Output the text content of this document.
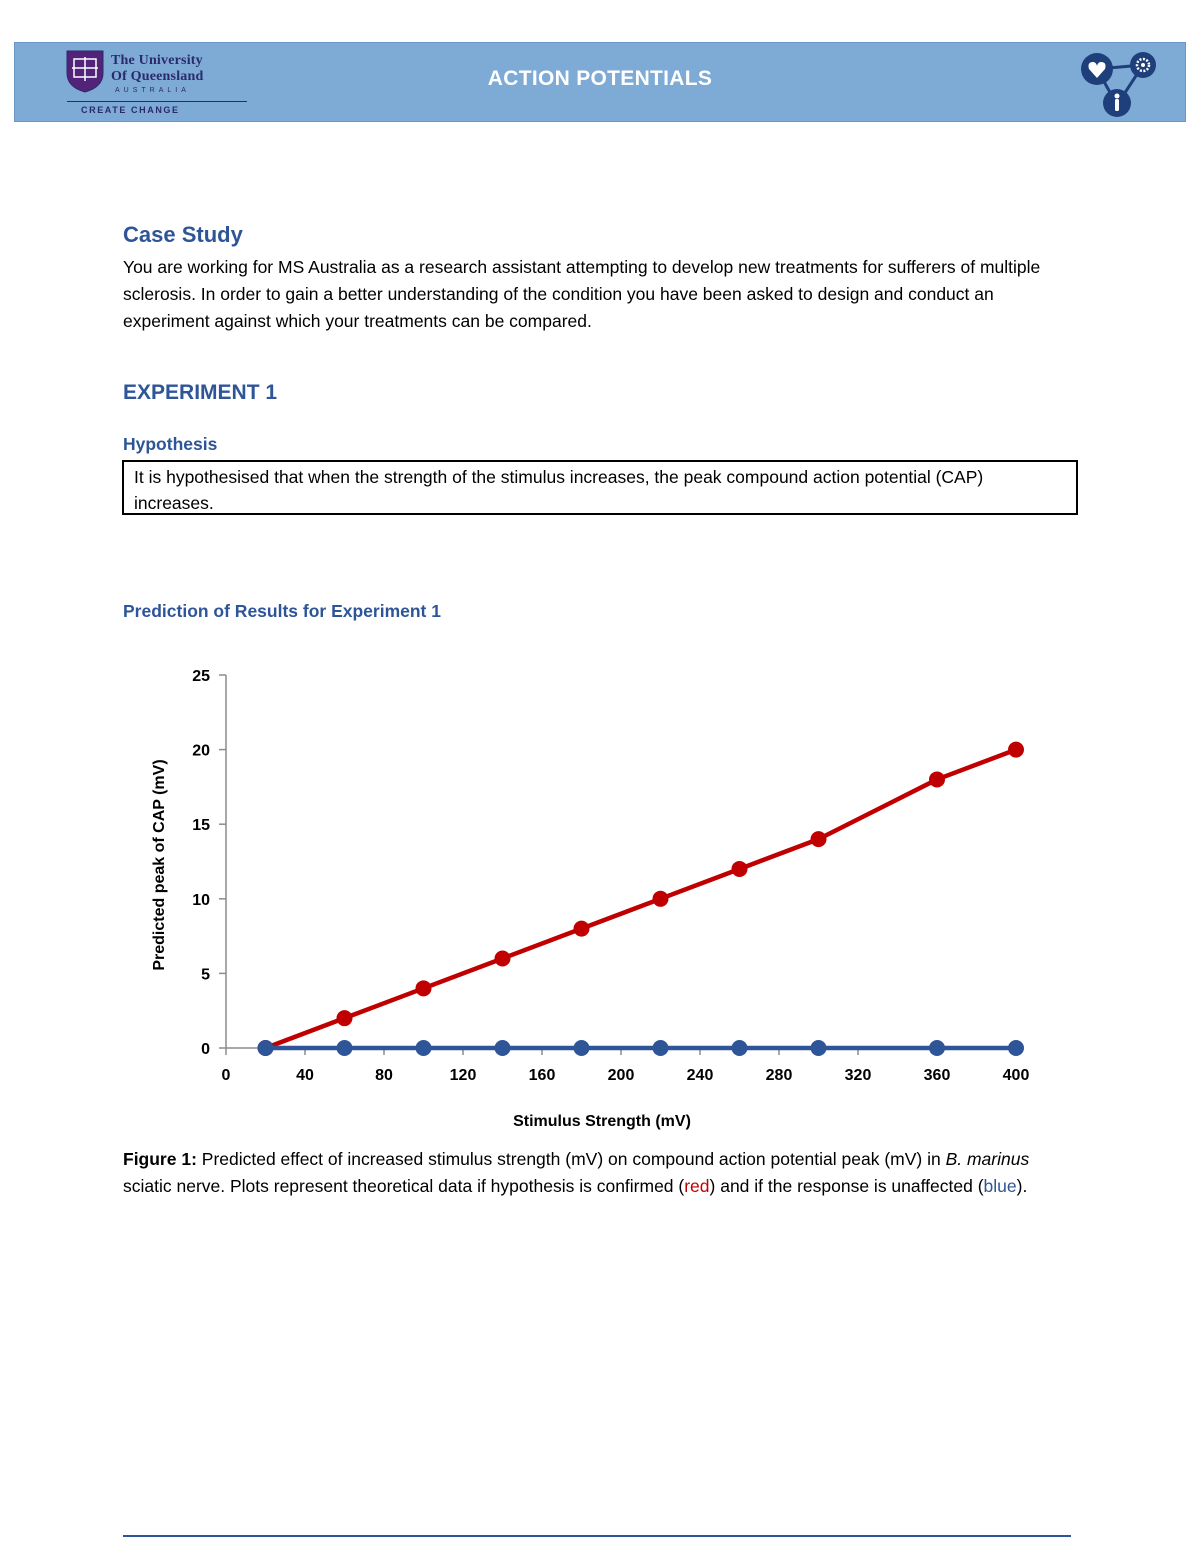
The University
Of Queensland
AUSTRALIA
CREATE CHANGE
ACTION POTENTIALS
Case Study
You are working for MS Australia as a research assistant attempting to develop new treatments for sufferers of multiple sclerosis. In order to gain a better understanding of the condition you have been asked to design and conduct an experiment against which your treatments can be compared.
EXPERIMENT 1
Hypothesis
It is hypothesised that when the strength of the stimulus increases, the peak compound action potential (CAP) increases.
Prediction of Results for Experiment 1
0
5
10
15
20
25
0	40	80	120	160	200	240	280	320	360	400
Predicted peak of CAP (mV)
Stimulus Strength (mV)
Figure 1: Predicted effect of increased stimulus strength (mV) on compound action potential peak (mV) in B. marinus sciatic nerve. Plots represent theoretical data if hypothesis is confirmed (red) and if the response is unaffected (blue).
